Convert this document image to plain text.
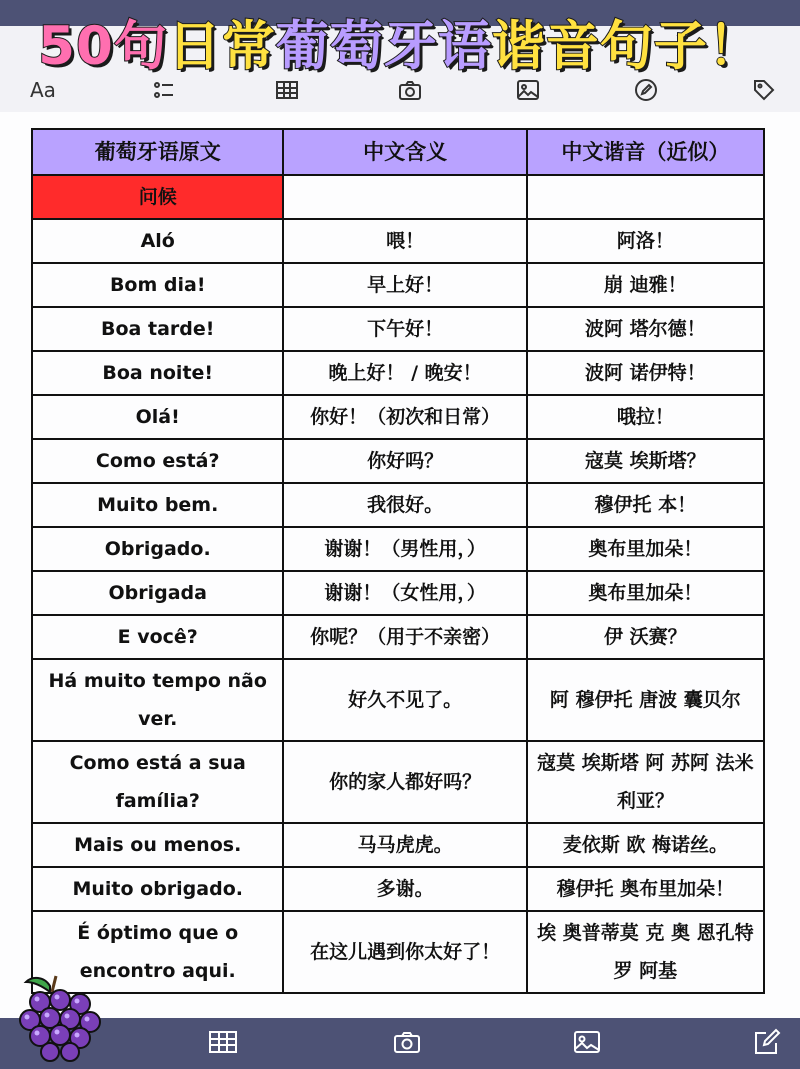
50句日常葡萄牙语谐音句子！
Aa
葡萄牙语原文	中文含义	中文谐音（近似）
问候		
Aló	喂！	阿洛！
Bom dia!	早上好！	崩 迪雅！
Boa tarde!	下午好！	波阿 塔尔德！
Boa noite!	晚上好！ / 晚安！	波阿 诺伊特！
Olá!	你好！（初次和日常）	哦拉！
Como está?	你好吗？	寇莫 埃斯塔？
Muito bem.	我很好。	穆伊托 本！
Obrigado.	谢谢！（男性用，）	奥布里加朵！
Obrigada	谢谢！（女性用，）	奥布里加朵！
E você?	你呢？（用于不亲密）	伊 沃赛？
Há muito tempo não ver.	好久不见了。	阿 穆伊托 唐波 囊贝尔
Como está a sua família?	你的家人都好吗？	寇莫 埃斯塔 阿 苏阿 法米利亚？
Mais ou menos.	马马虎虎。	麦依斯 欧 梅诺丝。
Muito obrigado.	多谢。	穆伊托 奥布里加朵！
É óptimo que o encontro aqui.	在这儿遇到你太好了！	埃 奥普蒂莫 克 奥 恩孔特罗 阿基
